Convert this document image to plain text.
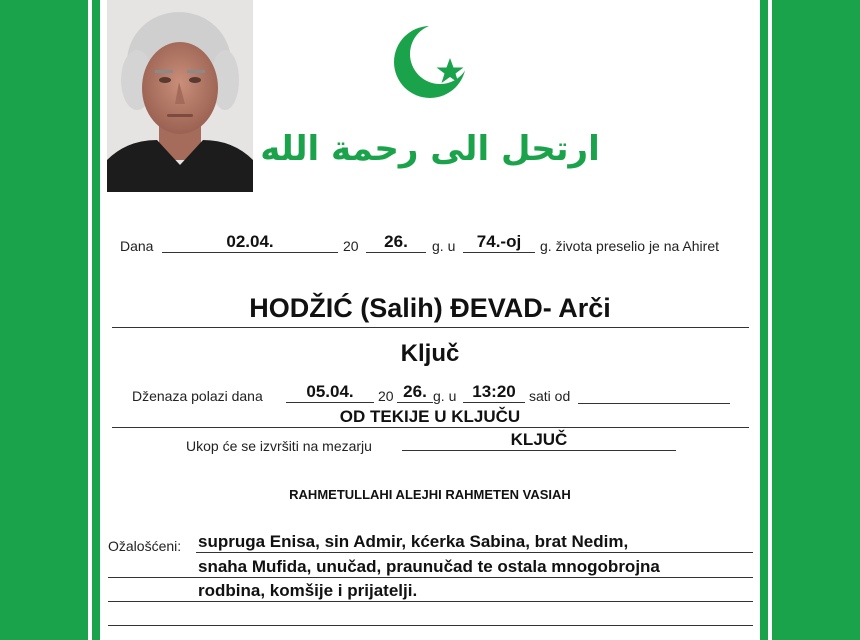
ارتحل الى رحمة الله
Dana	02.04.	20	26.	g. u	74.-oj	g. života preselio je na Ahiret
HODŽIĆ (Salih) ĐEVAD- Arči
Ključ
Dženaza polazi dana	05.04.	20 26. g. u 13:20 sati od
OD TEKIJE U KLJUČU
Ukop će se izvršiti na mezarju	KLJUČ
RAHMETULLAHI ALEJHI RAHMETEN VASIAH
Ožalošćeni: supruga Enisa, sin Admir, kćerka Sabina, brat Nedim,
snaha Mufida, unučad, praunučad te ostala mnogobrojna
rodbina, komšije i prijatelji.
